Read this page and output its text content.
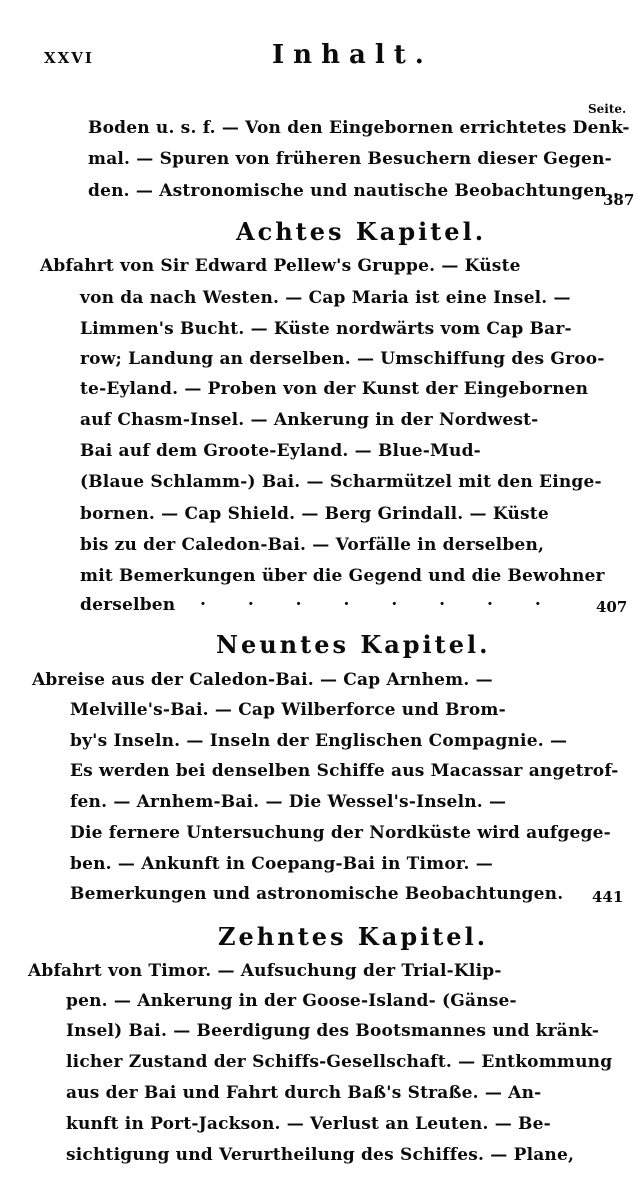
XXVI	Inhalt.
Seite.
Boden u. s. f. — Von den Eingebornen errichtetes Denk-
mal. — Spuren von früheren Besuchern dieser Gegen-
den. — Astronomische und nautische Beobachtungen .
387
Achtes Kapitel.
Abfahrt von Sir Edward Pellew's Gruppe. — Küste
von da nach Westen. — Cap Maria ist eine Insel. —
Limmen's Bucht. — Küste nordwärts vom Cap Bar-
row; Landung an derselben. — Umschiffung des Groo-
te-Eyland. — Proben von der Kunst der Eingebornen
auf Chasm-Insel. — Ankerung in der Nordwest-
Bai auf dem Groote-Eyland. — Blue-Mud-
(Blaue Schlamm-) Bai. — Scharmützel mit den Einge-
bornen. — Cap Shield. — Berg Grindall. — Küste
bis zu der Caledon-Bai. — Vorfälle in derselben,
mit Bemerkungen über die Gegend und die Bewohner
derselben . . . . . . . . 407
Neuntes Kapitel.
Abreise aus der Caledon-Bai. — Cap Arnhem. —
Melville's-Bai. — Cap Wilberforce und Brom-
by's Inseln. — Inseln der Englischen Compagnie. —
Es werden bei denselben Schiffe aus Macassar angetrof-
fen. — Arnhem-Bai. — Die Wessel's-Inseln. —
Die fernere Untersuchung der Nordküste wird aufgege-
ben. — Ankunft in Coepang-Bai in Timor. —
Bemerkungen und astronomische Beobachtungen. 441
Zehntes Kapitel.
Abfahrt von Timor. — Aufsuchung der Trial-Klip-
pen. — Ankerung in der Goose-Island- (Gänse-
Insel) Bai. — Beerdigung des Bootsmannes und kränk-
licher Zustand der Schiffs-Gesellschaft. — Entkommung
aus der Bai und Fahrt durch Baß's Straße. — An-
kunft in Port-Jackson. — Verlust an Leuten. — Be-
sichtigung und Verurtheilung des Schiffes. — Plane,
